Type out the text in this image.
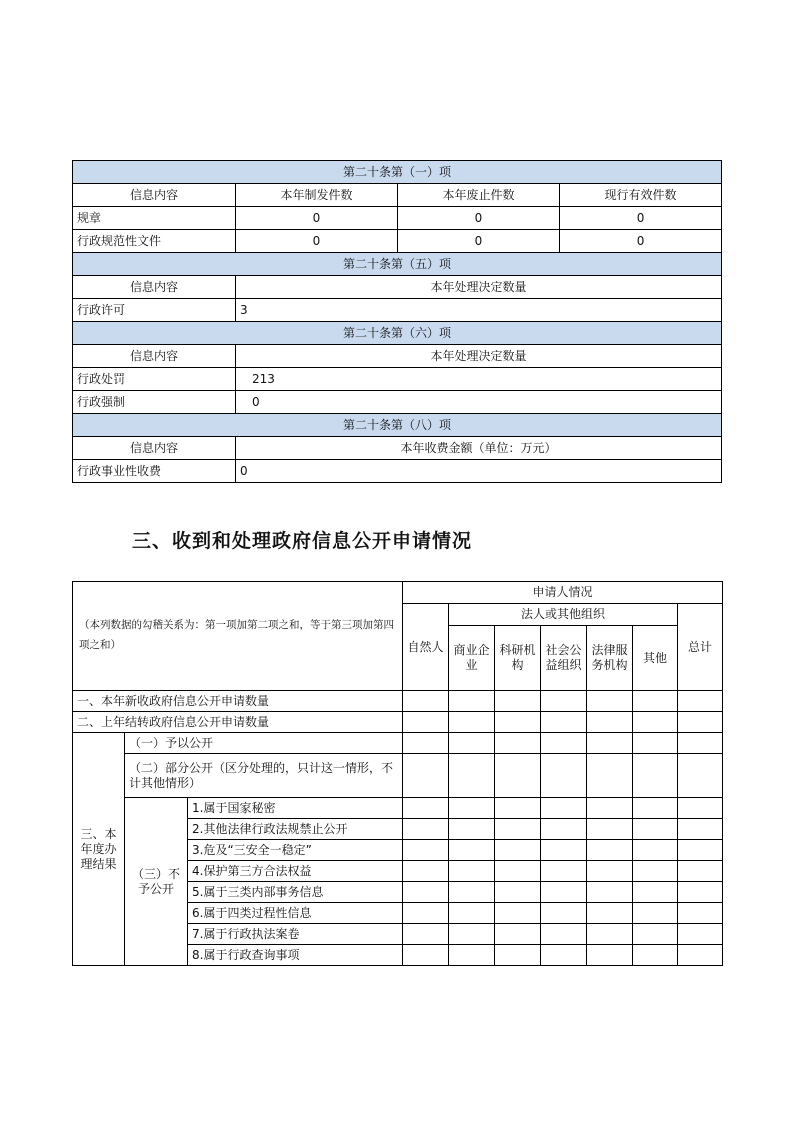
第二十条第（一）项			
信息内容	本年制发件数	本年废止件数	现行有效件数
规章	0	0	0
行政规范性文件	0	0	0
第二十条第（五）项			
信息内容	本年处理决定数量		
行政许可	3		
第二十条第（六）项			
信息内容	本年处理决定数量		
行政处罚	213		
行政强制	0		
第二十条第（八）项			
信息内容	本年收费金额（单位：万元）		
行政事业性收费	0		
三、收到和处理政府信息公开申请情况
（本列数据的勾稽关系为：第一项加第二项之和，等于第三项加第四项之和）			申请人情况						
			自然人	法人或其他组织					总计
				商业企业	科研机构	社会公益组织	法律服务机构	其他	
一、本年新收政府信息公开申请数量									
二、上年结转政府信息公开申请数量									
三、本年度办理结果	（一）予以公开								
	（二）部分公开（区分处理的，只计这一情形，不计其他情形）								
	（三）不予公开	1.属于国家秘密							
		2.其他法律行政法规禁止公开							
		3.危及“三安全一稳定”							
		4.保护第三方合法权益							
		5.属于三类内部事务信息							
		6.属于四类过程性信息							
		7.属于行政执法案卷							
		8.属于行政查询事项							
